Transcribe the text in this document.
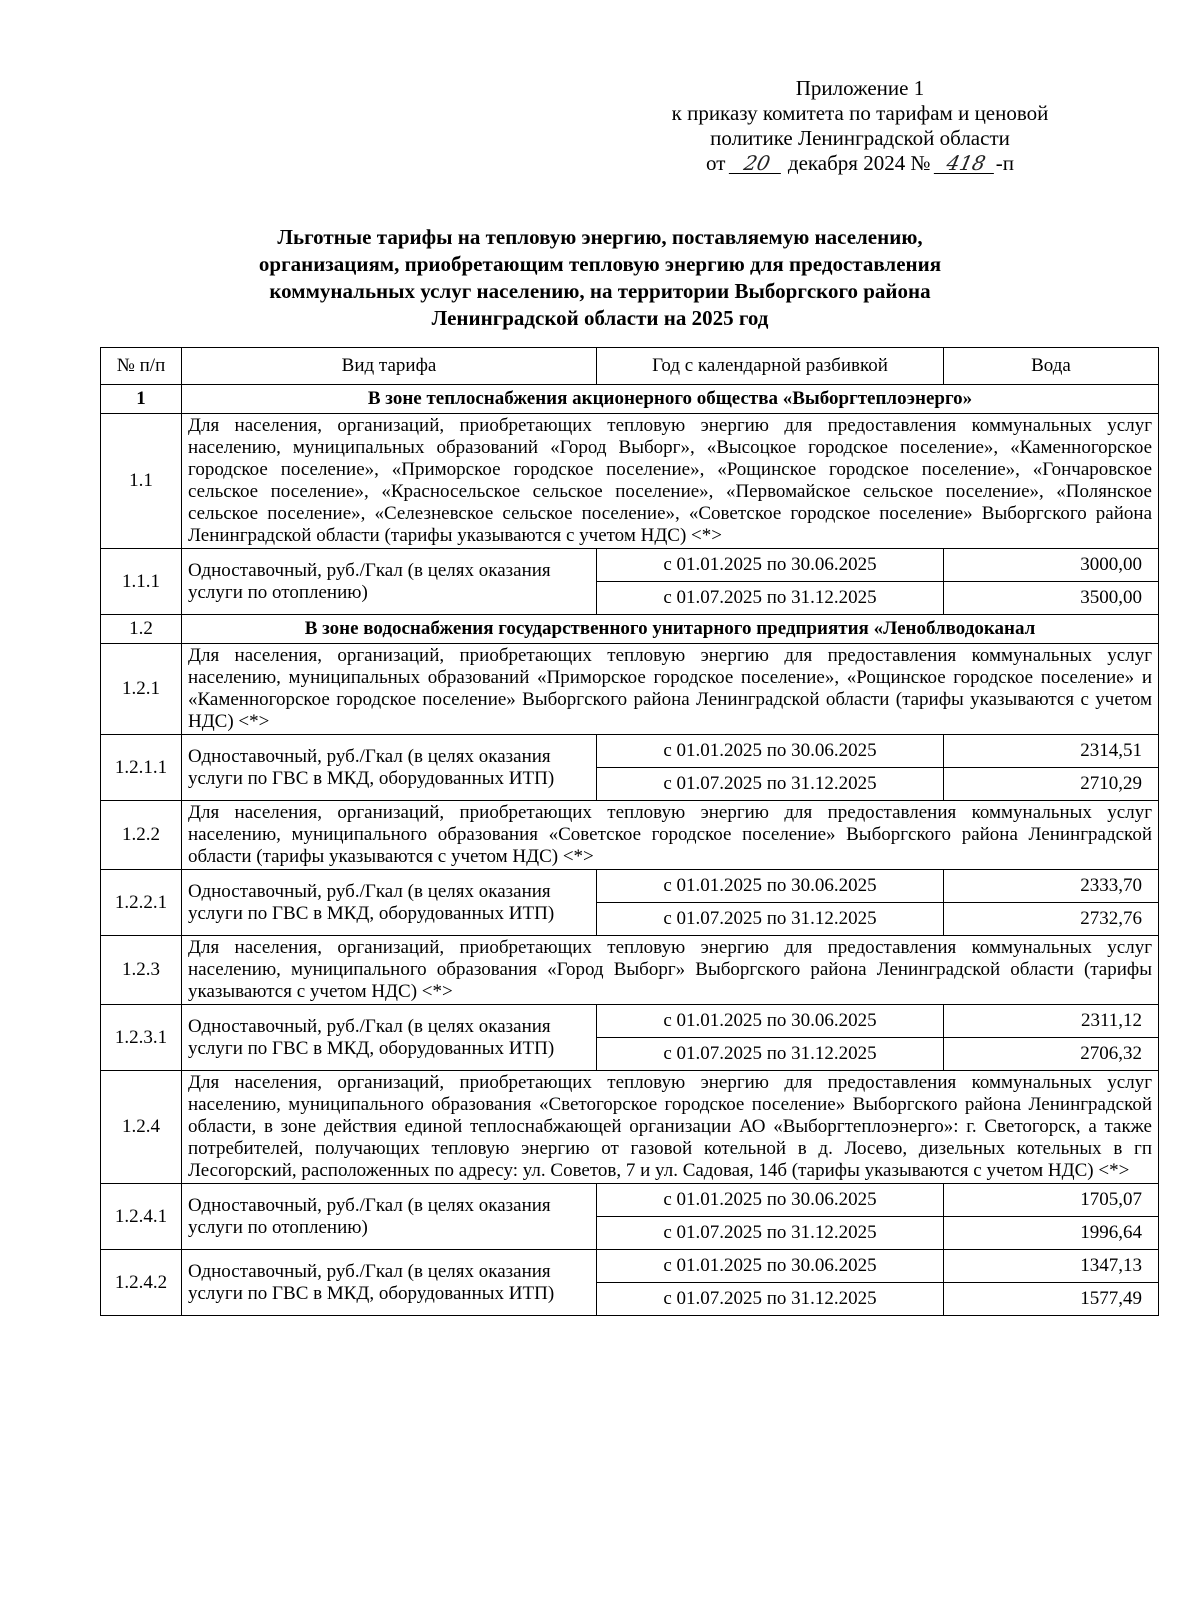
Приложение 1
к приказу комитета по тарифам и ценовой
политике Ленинградской области
от 20 декабря 2024 № 418 -п
Льготные тарифы на тепловую энергию, поставляемую населению,
организациям, приобретающим тепловую энергию для предоставления
коммунальных услуг населению, на территории Выборгского района
Ленинградской области на 2025 год
№ п/п	Вид тарифа	Год с календарной разбивкой	Вода
1	В зоне теплоснабжения акционерного общества «Выборгтеплоэнерго»		
1.1	Для населения, организаций, приобретающих тепловую энергию для предоставления коммунальных услуг населению, муниципальных образований «Город Выборг», «Высоцкое городское поселение», «Каменногорское городское поселение», «Приморское городское поселение», «Рощинское городское поселение», «Гончаровское сельское поселение», «Красносельское сельское поселение», «Первомайское сельское поселение», «Полянское сельское поселение», «Селезневское сельское поселение», «Советское городское поселение» Выборгского района Ленинградской области (тарифы указываются с учетом НДС) <*>		
1.1.1	Одноставочный, руб./Гкал (в целях оказания услуги по отоплению)	с 01.01.2025 по 30.06.2025	3000,00
		с 01.07.2025 по 31.12.2025	3500,00
1.2	В зоне водоснабжения государственного унитарного предприятия «Леноблводоканал		
1.2.1	Для населения, организаций, приобретающих тепловую энергию для предоставления коммунальных услуг населению, муниципальных образований «Приморское городское поселение», «Рощинское городское поселение» и «Каменногорское городское поселение» Выборгского района Ленинградской области (тарифы указываются с учетом НДС) <*>		
1.2.1.1	Одноставочный, руб./Гкал (в целях оказания услуги по ГВС в МКД, оборудованных ИТП)	с 01.01.2025 по 30.06.2025	2314,51
		с 01.07.2025 по 31.12.2025	2710,29
1.2.2	Для населения, организаций, приобретающих тепловую энергию для предоставления коммунальных услуг населению, муниципального образования «Советское городское поселение» Выборгского района Ленинградской области (тарифы указываются с учетом НДС) <*>		
1.2.2.1	Одноставочный, руб./Гкал (в целях оказания услуги по ГВС в МКД, оборудованных ИТП)	с 01.01.2025 по 30.06.2025	2333,70
		с 01.07.2025 по 31.12.2025	2732,76
1.2.3	Для населения, организаций, приобретающих тепловую энергию для предоставления коммунальных услуг населению, муниципального образования «Город Выборг» Выборгского района Ленинградской области (тарифы указываются с учетом НДС) <*>		
1.2.3.1	Одноставочный, руб./Гкал (в целях оказания услуги по ГВС в МКД, оборудованных ИТП)	с 01.01.2025 по 30.06.2025	2311,12
		с 01.07.2025 по 31.12.2025	2706,32
1.2.4	Для населения, организаций, приобретающих тепловую энергию для предоставления коммунальных услуг населению, муниципального образования «Светогорское городское поселение» Выборгского района Ленинградской области, в зоне действия единой теплоснабжающей организации АО «Выборгтеплоэнерго»: г. Светогорск, а также потребителей, получающих тепловую энергию от газовой котельной в д. Лосево, дизельных котельных в гп Лесогорский, расположенных по адресу: ул. Советов, 7 и ул. Садовая, 14б (тарифы указываются с учетом НДС) <*>		
1.2.4.1	Одноставочный, руб./Гкал (в целях оказания услуги по отоплению)	с 01.01.2025 по 30.06.2025	1705,07
		с 01.07.2025 по 31.12.2025	1996,64
1.2.4.2	Одноставочный, руб./Гкал (в целях оказания услуги по ГВС в МКД, оборудованных ИТП)	с 01.01.2025 по 30.06.2025	1347,13
		с 01.07.2025 по 31.12.2025	1577,49
